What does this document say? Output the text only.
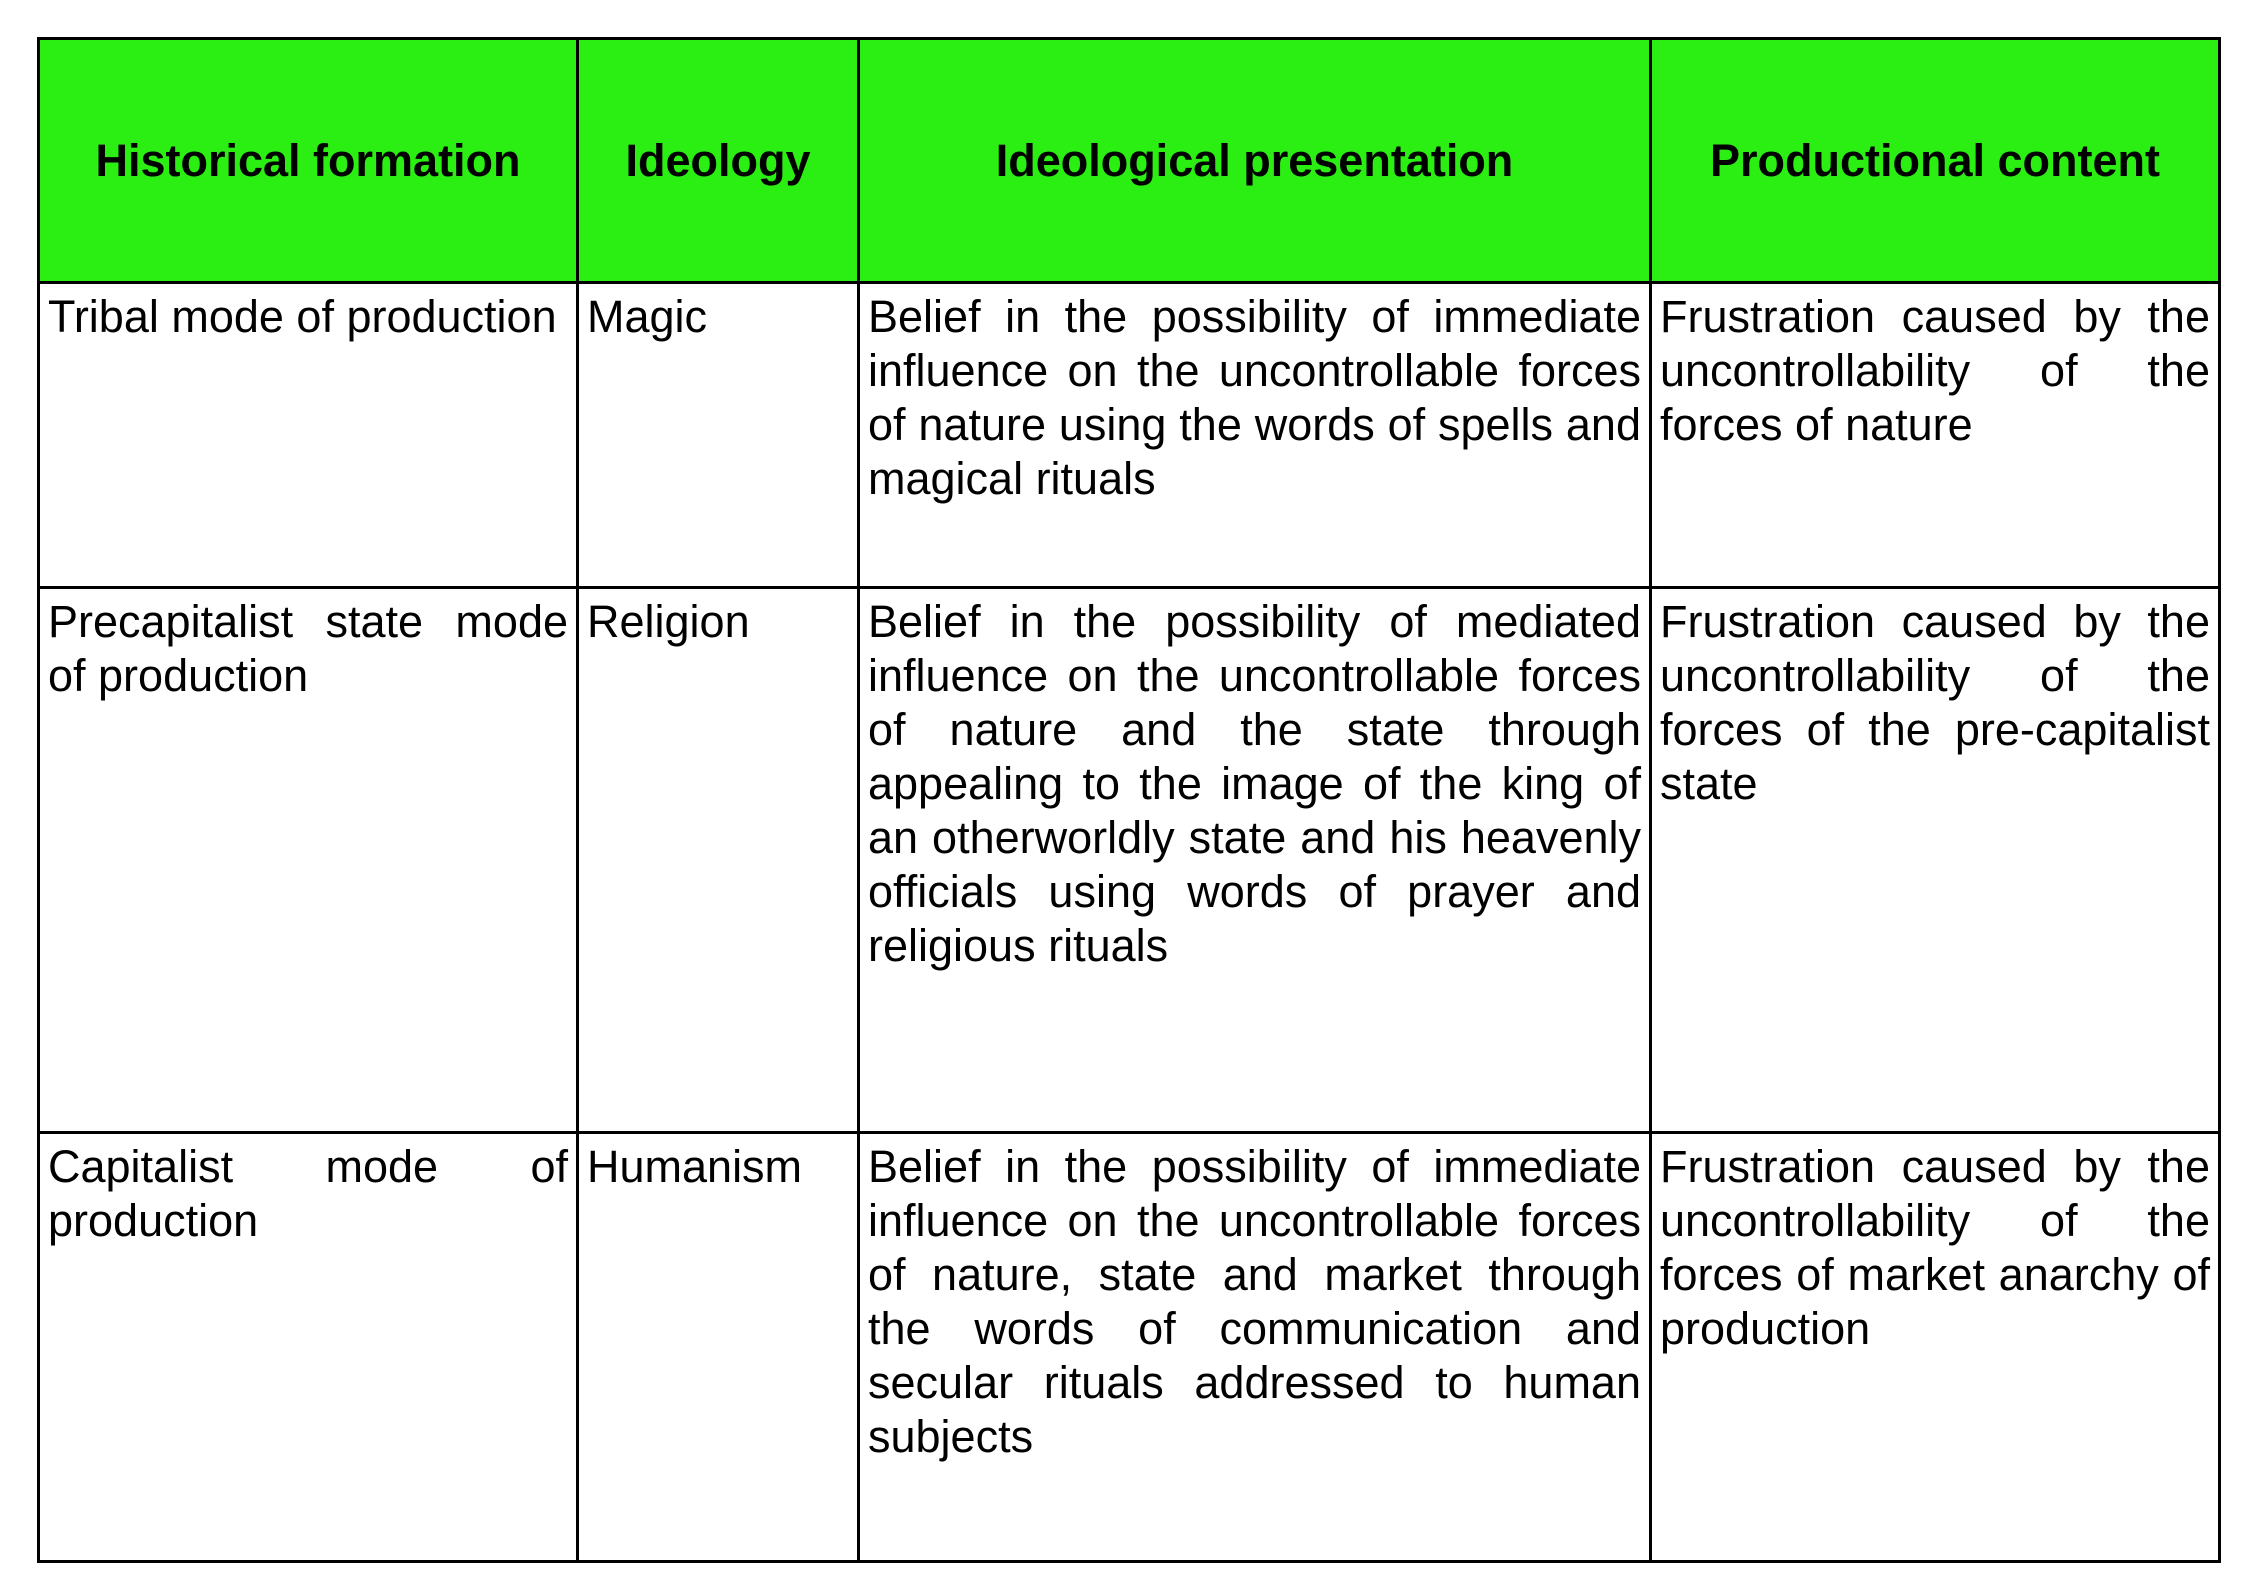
Historical formation	Ideology	Ideological presentation	Productional content
Tribal mode of production	Magic	Belief in the possibility of immediate influence on the uncontrollable forces of nature using the words of spells and magical rituals	Frustration caused by the uncontrollability of the forces of nature
Precapitalist state mode of production	Religion	Belief in the possibility of mediated influence on the uncontrollable forces of nature and the state through appealing to the image of the king of an otherworldly state and his heavenly officials using words of prayer and religious rituals	Frustration caused by the uncontrollability of the forces of the pre-capitalist state
Capitalist mode of production	Humanism	Belief in the possibility of immediate influence on the uncontrollable forces of nature, state and market through the words of communication and secular rituals addressed to human subjects	Frustration caused by the uncontrollability of the forces of market anarchy of production
